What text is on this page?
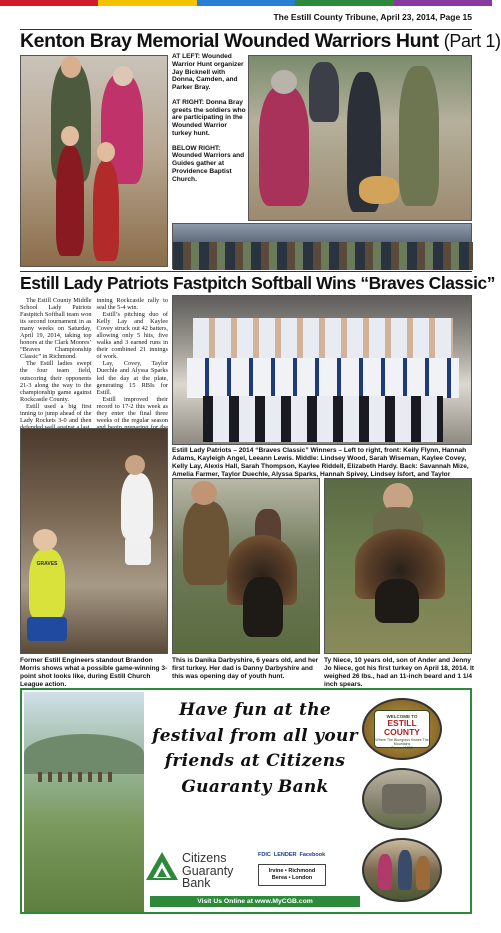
The Estill County Tribune, April 23, 2014, Page 15
Kenton Bray Memorial Wounded Warriors Hunt (Part 1)

AT LEFT: Wounded Warrior Hunt organizer Jay Bicknell with Donna, Camden, and Parker Bray.

AT RIGHT: Donna Bray greets the soldiers who are participating in the Wounded Warrior turkey hunt.

BELOW RIGHT: Wounded Warriors and Guides gather at Providence Baptist Church.

Estill Lady Patriots Fastpitch Softball Wins “Braves Classic”

The Estill County Middle School Lady Patriots Fastpitch Softball team won its second tournament in as many weeks on Saturday, April 19, 2014, taking top honors at the Clark Moores’ “Braves Championship Classic” in Richmond.

The Estill ladies swept the four team field, outscoring their opponents 21-3 along the way to the championship game against Rockcastle County.

Estill used a big first inning to jump ahead of the Lady Rockets 3-0 and then

inning Rockcastle rally to seal the 5-4 win.

Estill’s pitching duo of Kelly Lay and Kaylee Covey struck out 42 batters, allowing only 5 hits, five walks and 3 earned runs in their combined 21 innings of work.

Lay, Covey, Taylor Duechle and Alyssa Sparks led the day at the plate, generating 15 RBIs for Estill.

Estill improved their record to 17-2 this week as they enter the final three weeks of the regular season

Estill Lady Patriots – 2014 “Braves Classic” Winners – Left to right, front: Keily Flynn, Hannah Adams, Kayleigh Angel, Leeann Lewis. Middle: Lindsey Wood, Sarah Wiseman, Kaylee Covey, Kelly Lay, Alexis Hall, Sarah Thompson, Kaylee Riddell, Elizabeth Hardy. Back: Savannah Mize, Amelia Farmer, Taylor Duechle, Alyssa Sparks, Hannah Spivey, Lindsey Isfort, and Taylor
GRAVES
Former Estill Engineers standout Brandon Morris shows what a possible game-winning 3-point shot looks like, during Estill Church League action.
This is Danika Darbyshire, 6 years old, and her first turkey. Her dad is Danny Darbyshire and this was opening day of youth hunt.
Ty Niece, 10 years old, son of Ander and Jenny Jo Niece, got his first turkey on April 18, 2014. It weighed 26 lbs., had an 11-inch beard and 1 1/4 inch spears.
Have fun at the
festival from all your
friends at Citizens
Guaranty Bank
Citizens
Guaranty
Bank
FDIC LENDER Facebook
Irvine • Richmond
Berea • London
Visit Us Online at www.MyCGB.com
WELCOME TO
ESTILL COUNTY
Where The Bluegrass Kisses The Mountains
Formed 1808
